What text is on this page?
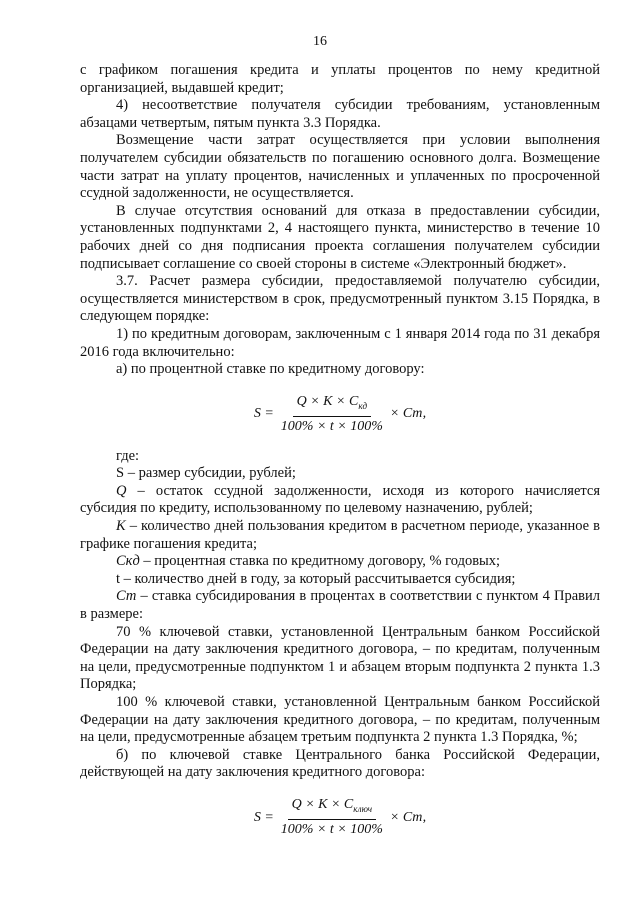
16

с графиком погашения кредита и уплаты процентов по нему кредитной организацией, выдавшей кредит;

4) несоответствие получателя субсидии требованиям, установленным абзацами четвертым, пятым пункта 3.3 Порядка.

Возмещение части затрат осуществляется при условии выполнения получателем субсидии обязательств по погашению основного долга. Возмещение части затрат на уплату процентов, начисленных и уплаченных по просроченной ссудной задолженности, не осуществляется.

В случае отсутствия оснований для отказа в предоставлении субсидии, установленных подпунктами 2, 4 настоящего пункта, министерство в течение 10 рабочих дней со дня подписания проекта соглашения получателем субсидии подписывает соглашение со своей стороны в системе «Электронный бюджет».

3.7. Расчет размера субсидии, предоставляемой получателю субсидии, осуществляется министерством в срок, предусмотренный пунктом 3.15 Порядка, в следующем порядке:

1) по кредитным договорам, заключенным с 1 января 2014 года по 31 декабря 2016 года включительно:

а) по процентной ставке по кредитному договору:

$S = \frac{Q \times K \times C_{кд}}{100\% \times t \times 100\%}$ × Cт,

где:

S – размер субсидии, рублей;

Q – остаток ссудной задолженности, исходя из которого начисляется субсидия по кредиту, использованному по целевому назначению, рублей;

K – количество дней пользования кредитом в расчетном периоде, указанное в графике погашения кредита;

Скд – процентная ставка по кредитному договору, % годовых;

t – количество дней в году, за который рассчитывается субсидия;

Ст – ставка субсидирования в процентах в соответствии с пунктом 4 Правил в размере:

70 % ключевой ставки, установленной Центральным банком Российской Федерации на дату заключения кредитного договора, – по кредитам, полученным на цели, предусмотренные подпунктом 1 и абзацем вторым подпункта 2 пункта 1.3 Порядка;

100 % ключевой ставки, установленной Центральным банком Российской Федерации на дату заключения кредитного договора, – по кредитам, полученным на цели, предусмотренные абзацем третьим подпункта 2 пункта 1.3 Порядка, %;

б) по ключевой ставке Центрального банка Российской Федерации, действующей на дату заключения кредитного договора:

$S = \frac{Q \times K \times C_{ключ}}{100\% \times t \times 100\%}$ × Cт,
